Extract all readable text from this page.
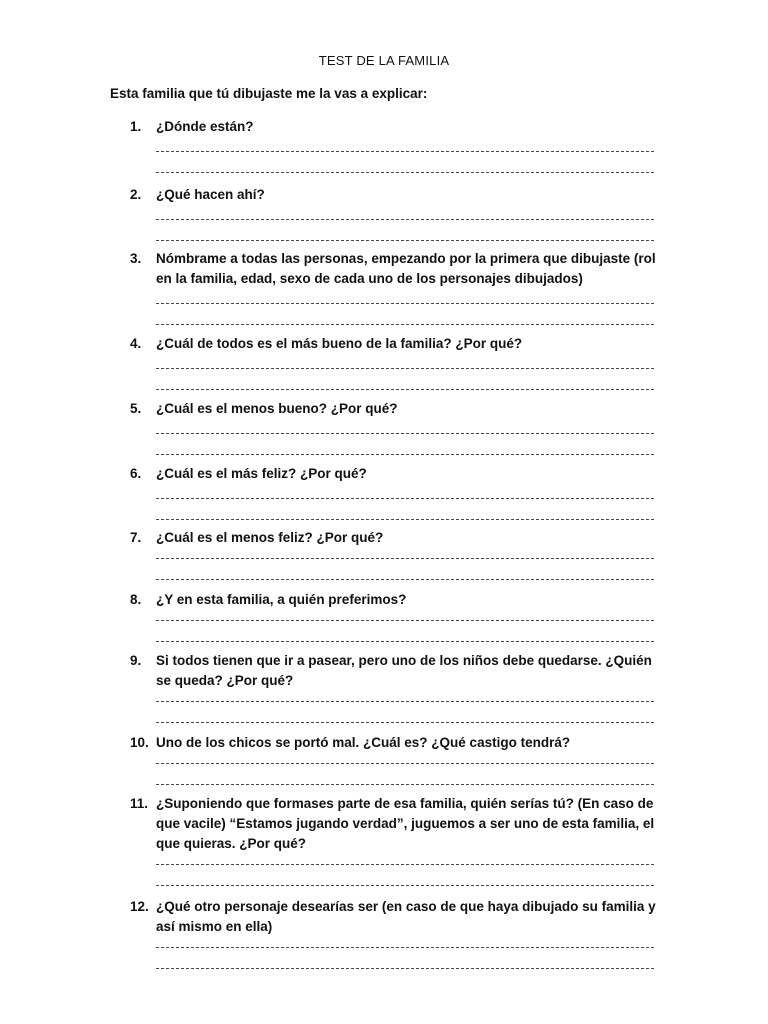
TEST DE LA FAMILIA
Esta familia que tú dibujaste me la vas a explicar:
1.	¿Dónde están?
2.	¿Qué hacen ahí?
3.	Nómbrame a todas las personas, empezando por la primera que dibujaste (rol en la familia, edad, sexo de cada uno de los personajes dibujados)
4.	¿Cuál de todos es el más bueno de la familia? ¿Por qué?
5.	¿Cuál es el menos bueno? ¿Por qué?
6.	¿Cuál es el más feliz? ¿Por qué?
7.	¿Cuál es el menos feliz? ¿Por qué?
8.	¿Y en esta familia, a quién preferimos?
9.	Si todos tienen que ir a pasear, pero uno de los niños debe quedarse. ¿Quién se queda? ¿Por qué?
10. Uno de los chicos se portó mal. ¿Cuál es? ¿Qué castigo tendrá?
11. ¿Suponiendo que formases parte de esa familia, quién serías tú? (En caso de que vacile) “Estamos jugando verdad”, juguemos a ser uno de esta familia, el que quieras. ¿Por qué?
12. ¿Qué otro personaje desearías ser (en caso de que haya dibujado su familia y así mismo en ella)
